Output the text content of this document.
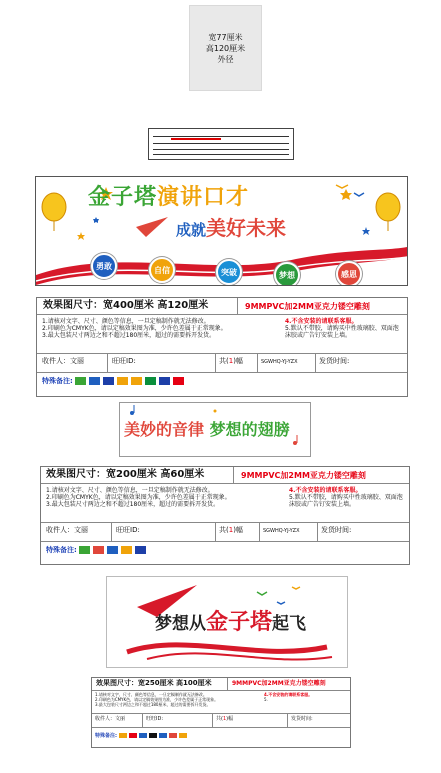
宽77厘米
高120厘米
外径
金子塔演讲口才
成就美好未来
勇敢	自信	突破	梦想	感恩
效果图尺寸：宽400厘米 高120厘米	9MMPVC加2MM亚克力镂空雕刻
1.请核对文字、尺寸、颜色等信息，一旦定稿制作就无法修改。
2.印刷色为CMYK色，请以定稿效果图为准，少许色差属于正常现象。
3.最大包装尺寸两边之和不超过180厘米，超过的需要拆开发货。
4.不含安装的请联系客服。
5.默认不带胶，请购买中性玻璃胶、双面泡沫胶或广告钉安装上墙。
收件人：文丽	旺旺ID:	共(1)幅	SGWHQ-YJ-YZX	发货时间:
特殊备注:
美妙的音律 梦想的翅膀
效果图尺寸：宽200厘米 高60厘米	9MMPVC加2MM亚克力镂空雕刻
1.请核对文字、尺寸、颜色等信息，一旦定稿制作就无法修改。
2.印刷色为CMYK色，请以定稿效果图为准，少许色差属于正常现象。
3.最大包装尺寸两边之和不超过180厘米，超过的需要拆开发货。
4.不含安装的请联系客服。
5.默认不带胶，请购买中性玻璃胶、双面泡沫胶或广告钉安装上墙。
收件人：文丽	旺旺ID:	共(1)幅	SGWHQ-YJ-YZX	发货时间:
特殊备注:
梦想从金子塔起飞
效果图尺寸：宽250厘米 高100厘米	9MMPVC加2MM亚克力镂空雕刻
1.请核对文字、尺寸、颜色等信息，一旦定稿制作就无法修改。
2.印刷色为CMYK色，请以定稿效果图为准，少许色差属于正常现象。
3.最大包装尺寸两边之和不超过180厘米，超过的需要拆开发货。
4.不含安装的请联系客服。
5.
收件人：文丽	旺旺ID:	共(1)幅	发货时间:
特殊备注:
